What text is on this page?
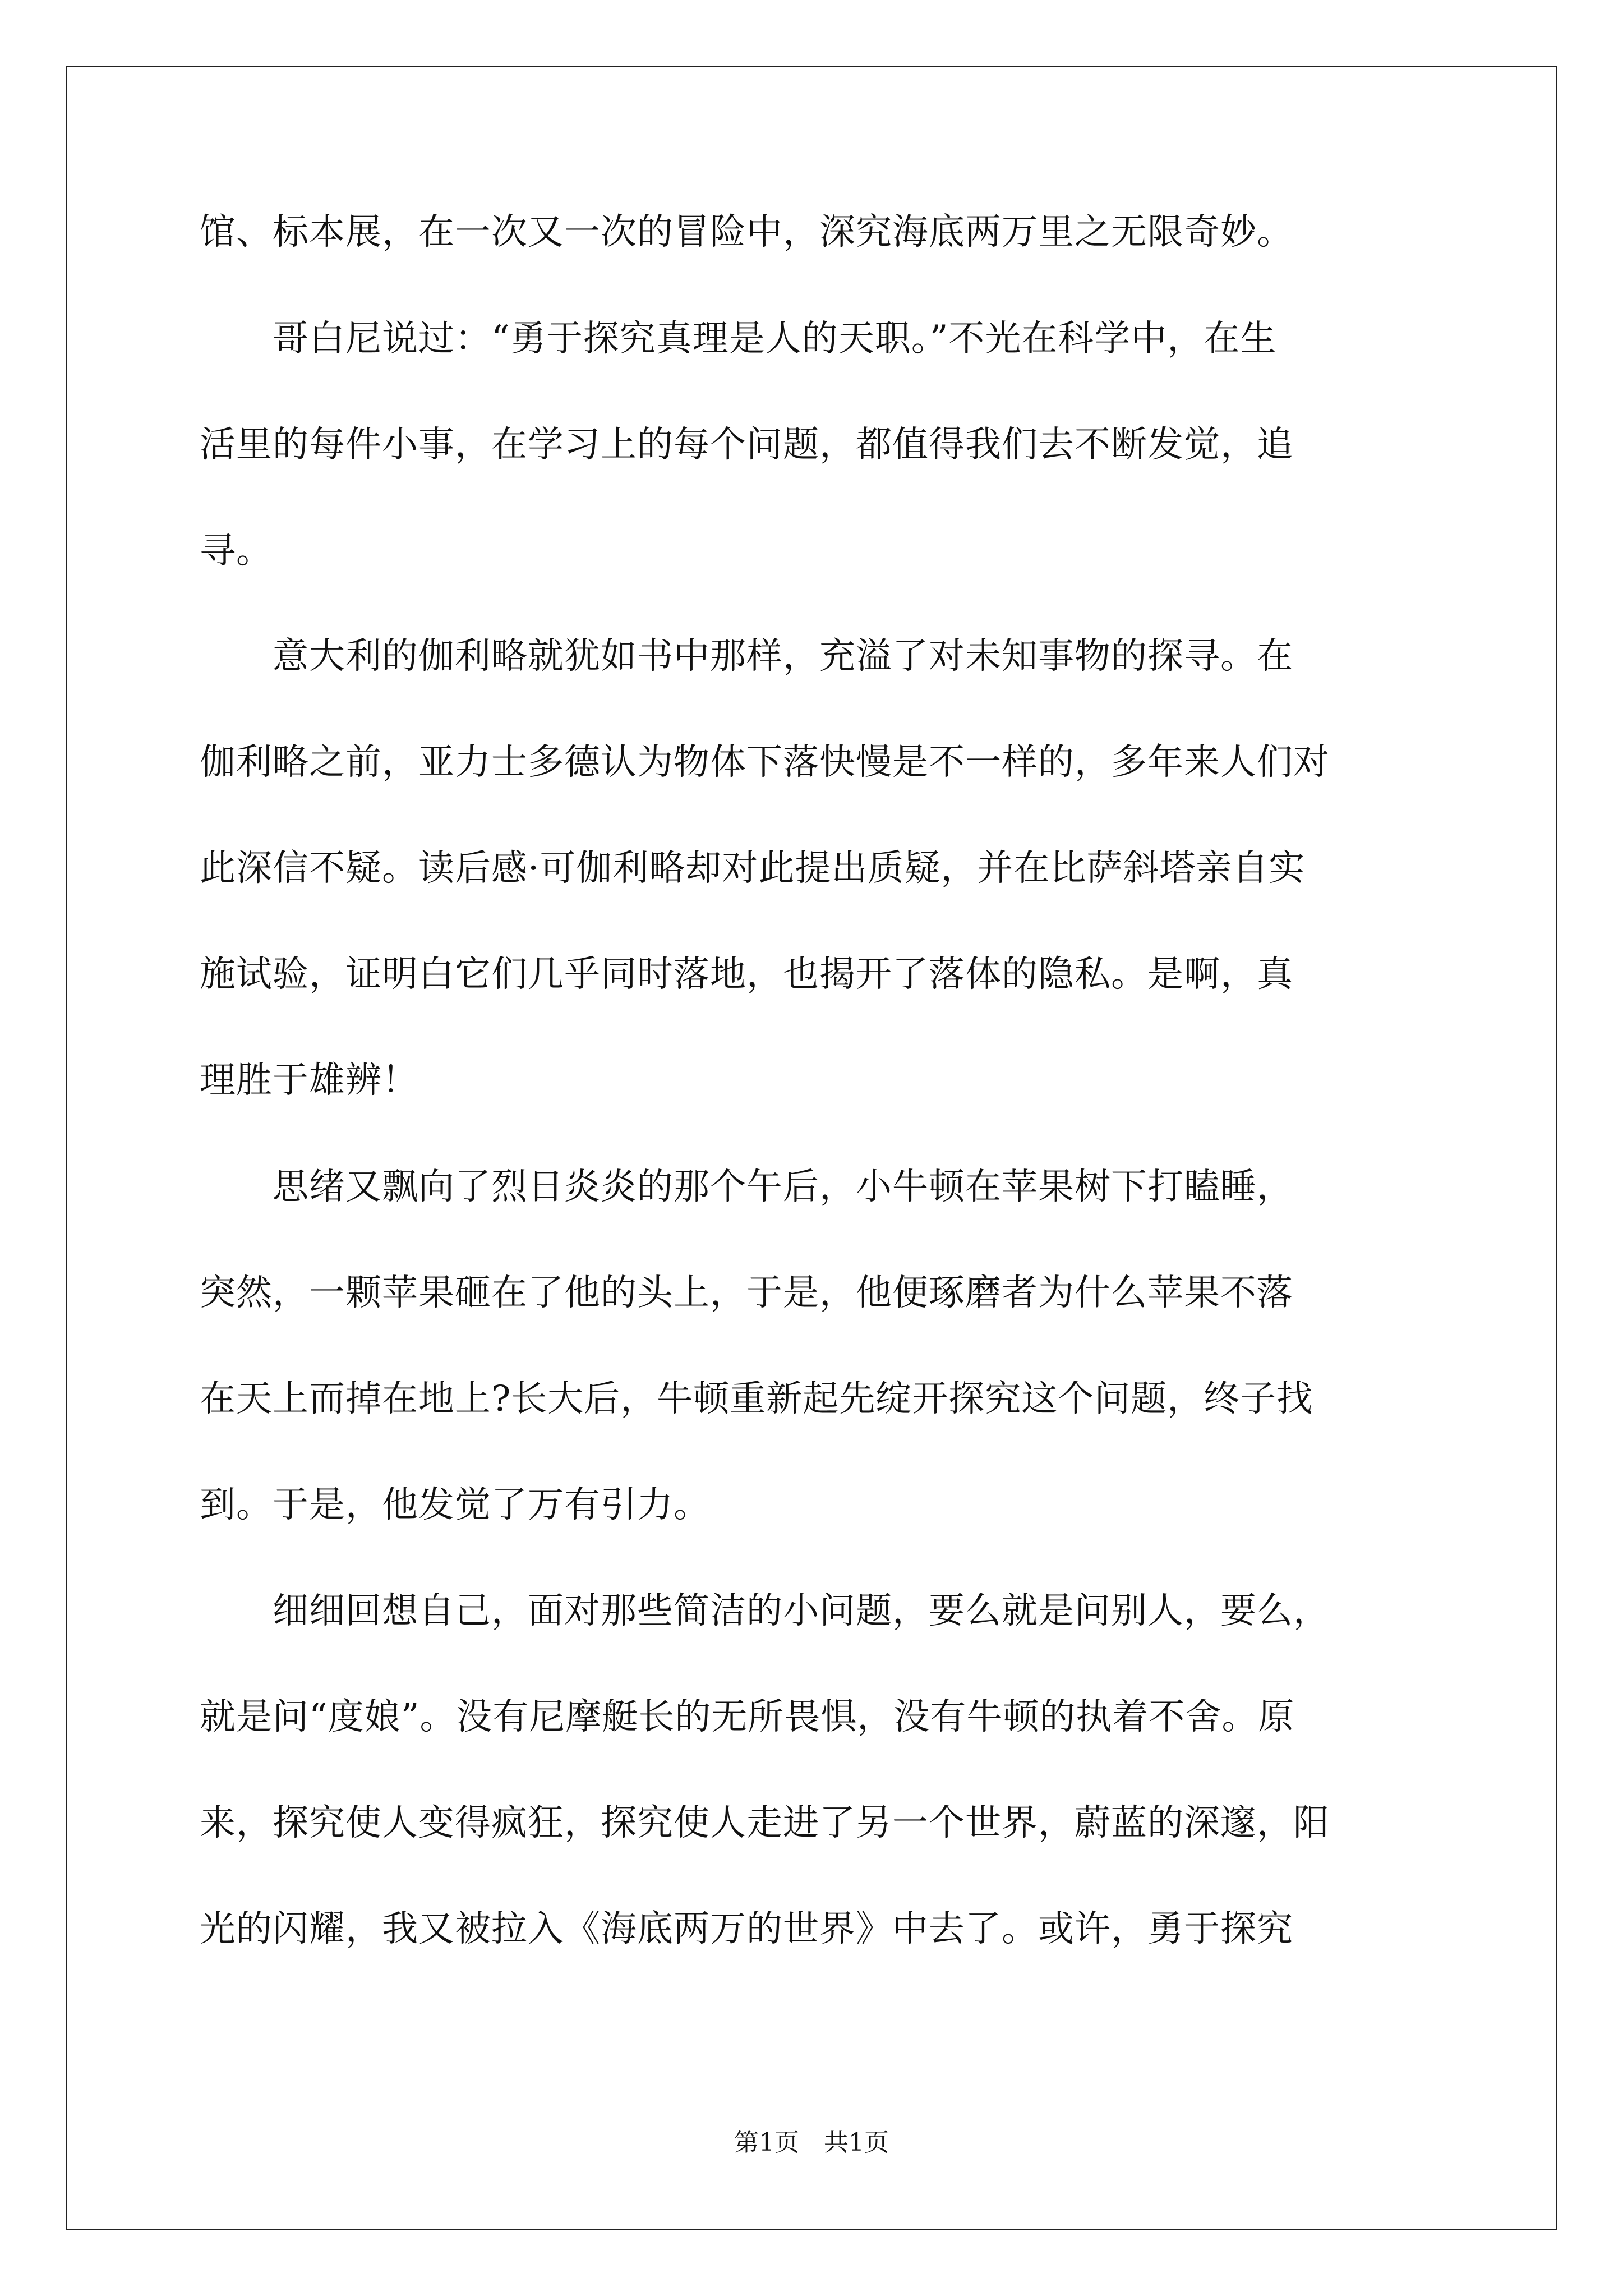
馆、标本展，在一次又一次的冒险中，深究海底两万里之无限奇妙。
　　哥白尼说过：“勇于探究真理是人的天职。”不光在科学中，在生
活里的每件小事，在学习上的每个问题，都值得我们去不断发觉，追
寻。
　　意大利的伽利略就犹如书中那样，充溢了对未知事物的探寻。在
伽利略之前，亚力士多德认为物体下落快慢是不一样的，多年来人们对
此深信不疑。读后感·可伽利略却对此提出质疑，并在比萨斜塔亲自实
施试验，证明白它们几乎同时落地，也揭开了落体的隐私。是啊，真
理胜于雄辨！
　　思绪又飘向了烈日炎炎的那个午后，小牛顿在苹果树下打瞌睡，
突然，一颗苹果砸在了他的头上，于是，他便琢磨者为什么苹果不落
在天上而掉在地上?长大后，牛顿重新起先绽开探究这个问题，终子找
到。于是，他发觉了万有引力。
　　细细回想自己，面对那些简洁的小问题，要么就是问别人，要么，
就是问“度娘”。没有尼摩艇长的无所畏惧，没有牛顿的执着不舍。原
来，探究使人变得疯狂，探究使人走进了另一个世界，蔚蓝的深邃，阳
光的闪耀，我又被拉入《海底两万的世界》中去了。或许，勇于探究
第1页　共1页
